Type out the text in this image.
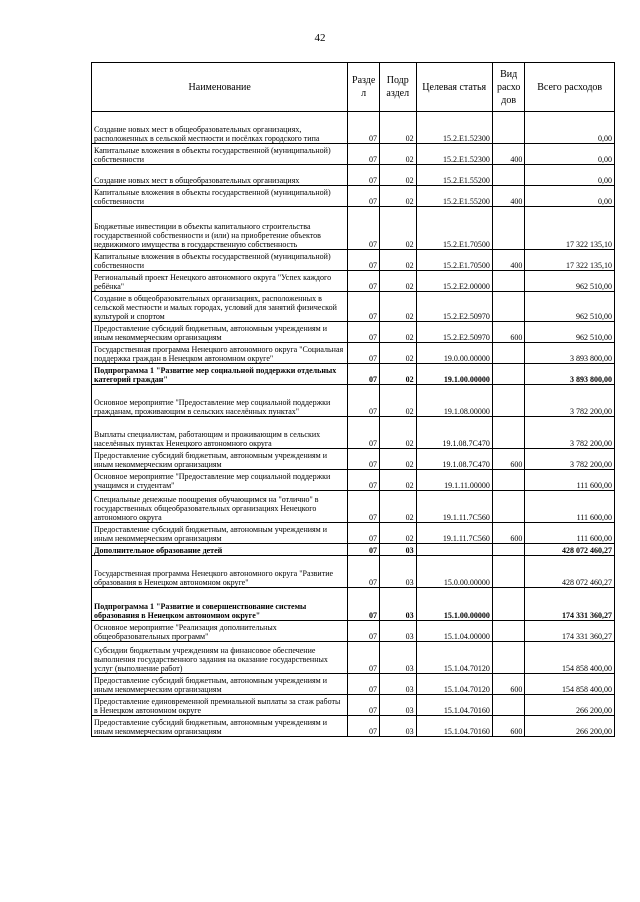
42
Наименование	Разде л	Подр аздел	Целевая статья	Вид расхо дов	Всего расходов
Создание новых мест в общеобразовательных организациях, расположенных в сельской местности и посёлках городского типа	07	02	15.2.Е1.52300		0,00
Капитальные вложения в объекты государственной (муниципальной) собственности	07	02	15.2.Е1.52300	400	0,00
Создание новых мест в общеобразовательных организациях	07	02	15.2.Е1.55200		0,00
Капитальные вложения в объекты государственной (муниципальной) собственности	07	02	15.2.Е1.55200	400	0,00
Бюджетные инвестиции в объекты капитального строительства государственной собственности и (или) на приобретение объектов недвижимого имущества в государственную собственность	07	02	15.2.Е1.70500		17 322 135,10
Капитальные вложения в объекты государственной (муниципальной) собственности	07	02	15.2.Е1.70500	400	17 322 135,10
Региональный проект Ненецкого автономного округа "Успех каждого ребёнка"	07	02	15.2.Е2.00000		962 510,00
Создание в общеобразовательных организациях, расположенных в сельской местности и малых городах, условий для занятий физической культурой и спортом	07	02	15.2.Е2.50970		962 510,00
Предоставление субсидий бюджетным, автономным учреждениям и иным некоммерческим организациям	07	02	15.2.Е2.50970	600	962 510,00
Государственная программа Ненецкого автономного округа "Социальная поддержка граждан в Ненецком автономном округе"	07	02	19.0.00.00000		3 893 800,00
Подпрограмма 1 "Развитие мер социальной поддержки отдельных категорий граждан"	07	02	19.1.00.00000		3 893 800,00
Основное мероприятие "Предоставление мер социальной поддержки гражданам, проживающим в сельских населённых пунктах"	07	02	19.1.08.00000		3 782 200,00
Выплаты специалистам, работающим и проживающим в сельских населённых пунктах Ненецкого автономного округа	07	02	19.1.08.7С470		3 782 200,00
Предоставление субсидий бюджетным, автономным учреждениям и иным некоммерческим организациям	07	02	19.1.08.7С470	600	3 782 200,00
Основное мероприятие "Предоставление мер социальной поддержки учащимся и студентам"	07	02	19.1.11.00000		111 600,00
Специальные денежные поощрения обучающимся на "отлично" в государственных общеобразовательных организациях Ненецкого автономного округа	07	02	19.1.11.7С560		111 600,00
Предоставление субсидий бюджетным, автономным учреждениям и иным некоммерческим организациям	07	02	19.1.11.7С560	600	111 600,00
Дополнительное образование детей	07	03			428 072 460,27
Государственная программа Ненецкого автономного округа "Развитие образования в Ненецком автономном округе"	07	03	15.0.00.00000		428 072 460,27
Подпрограмма 1 "Развитие и совершенствование системы образования в Ненецком автономном округе"	07	03	15.1.00.00000		174 331 360,27
Основное мероприятие "Реализация дополнительных общеобразовательных программ"	07	03	15.1.04.00000		174 331 360,27
Субсидии бюджетным учреждениям на финансовое обеспечение выполнения государственного задания на оказание государственных услуг (выполнение работ)	07	03	15.1.04.70120		154 858 400,00
Предоставление субсидий бюджетным, автономным учреждениям и иным некоммерческим организациям	07	03	15.1.04.70120	600	154 858 400,00
Предоставление единовременной премиальной выплаты за стаж работы в Ненецком автономном округе	07	03	15.1.04.70160		266 200,00
Предоставление субсидий бюджетным, автономным учреждениям и иным некоммерческим организациям	07	03	15.1.04.70160	600	266 200,00
